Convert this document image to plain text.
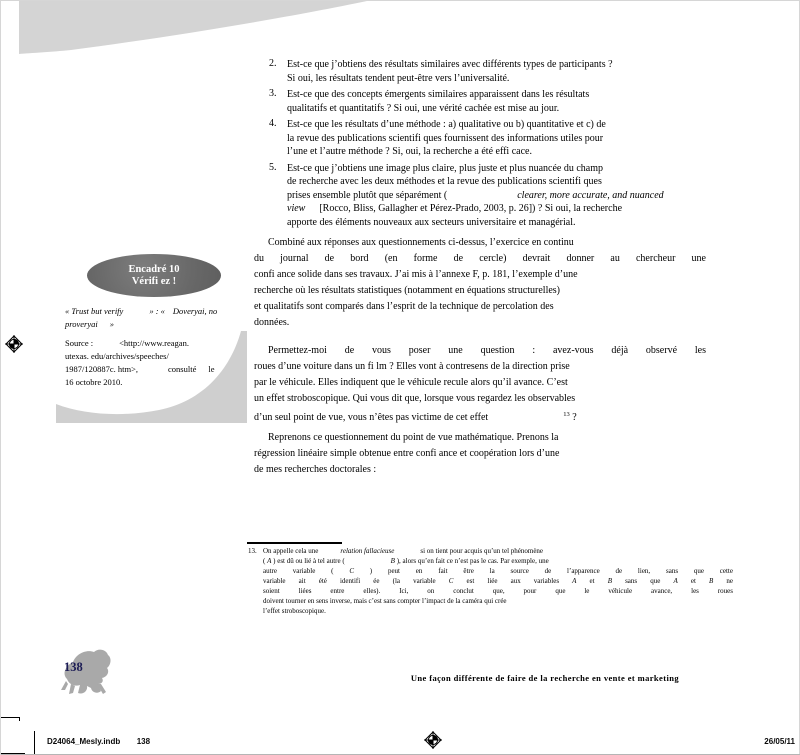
Encadré 10
Vérifi ez !
« Trust but verify	» : « Doveryai, no
proveryai »
Source :	<http://www.reagan.
utexas. edu/archives/speeches/
1987/120887c. htm>,	consulté le
16 octobre 2010.
2. Est-ce que j’obtiens des résultats similaires avec différents types de participants ?
Si oui, les résultats tendent peut-être vers l’universalité.
3. Est-ce que des concepts émergents similaires apparaissent dans les résultats
qualitatifs et quantitatifs ? Si oui, une vérité cachée est mise au jour.
4. Est-ce que les résultats d’une méthode : a) qualitative ou b) quantitative et c) de
la revue des publications scientifi ques fournissent des informations utiles pour
l’une et l’autre méthode ? Si, oui, la recherche a été effi cace.
5. Est-ce que j’obtiens une image plus claire, plus juste et plus nuancée du champ
de recherche avec les deux méthodes et la revue des publications scientifi ques
prises ensemble plutôt que séparément (	clearer, more accurate, and nuanced
view [Rocco, Bliss, Gallagher et Pérez-Prado, 2003, p. 26]) ? Si oui, la recherche
apporte des éléments nouveaux aux secteurs universitaire et managérial.
Combiné aux réponses aux questionnements ci-dessus, l’exercice en continu
du journal de bord (en forme de cercle) devrait donner au chercheur une
confi ance solide dans ses travaux. J’ai mis à l’annexe F, p. 181, l’exemple d’une
recherche où les résultats statistiques (notamment en équations structurelles)
et qualitatifs sont comparés dans l’esprit de la technique de percolation des
données.
Permettez-moi de vous poser une question : avez-vous déjà observé les
roues d’une voiture dans un fi lm ? Elles vont à contresens de la direction prise
par le véhicule. Elles indiquent que le véhicule recule alors qu’il avance. C’est
un effet stroboscopique. Qui vous dit que, lorsque vous regardez les observables
d’un seul point de vue, vous n’êtes pas victime de cet effet	$^{13}$ ?
Reprenons ce questionnement du point de vue mathématique. Prenons la
régression linéaire simple obtenue entre confi ance et coopération lors d’une
de mes recherches doctorales :
13. On appelle cela une	relation fallacieuse	si on tient pour acquis qu’un tel phénomène
( A ) est dû ou lié à tel autre (	B ), alors qu’en fait ce n’est pas le cas. Par exemple, une
autre variable ( C ) peut en fait être la source de l’apparence de lien, sans que cette
variable ait été identifi ée (la variable C est liée aux variables A et B sans que A et B ne
soient liées entre elles). Ici, on conclut que, pour que le véhicule avance, les roues
doivent tourner en sens inverse, mais c’est sans compter l’impact de la caméra qui crée
l’effet stroboscopique.
138
Une façon différente de faire de la recherche en vente et marketing
D24064_Mesly.indb 138	26/05/11
